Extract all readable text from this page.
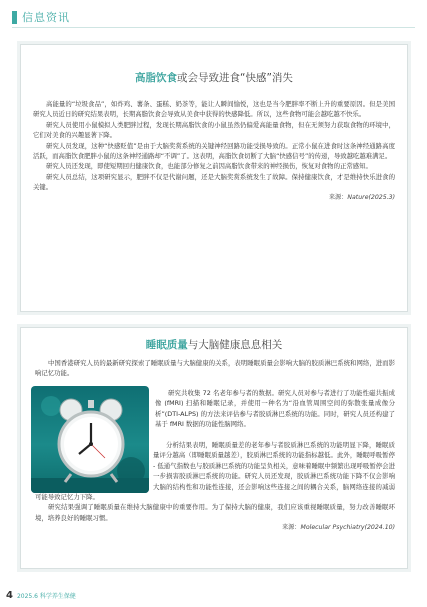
信息资讯
高脂饮食或会导致进食“快感”消失

高能量的“垃圾食品”，如炸鸡、薯条、蛋糕、奶茶等，能让人瞬间愉悦，这也是当今肥胖率不断上升的重要原因。但是美国研究人员近日的研究结果表明，长期高脂饮食会导致从美食中获得的快感降低。所以，这些食物可能会越吃越不快乐。

研究人员使用小鼠模拟人类肥胖过程，发现长期高脂饮食的小鼠虽然仍偏爱高能量食物，但在无须努力获取食物的环境中，它们对美食的兴趣显著下降。

研究人员发现，这种“快感贬值”是由于大脑奖赏系统的关键神经回路功能受损导致的。正常小鼠在进食时这条神经通路高度活跃，而高脂饮食肥胖小鼠的这条神经通路却“不调”了。这表明，高脂饮食切断了大脑“快感信号”的传递，导致越吃越难满足。

研究人员还发现，即使短期回归健康饮食，也能部分修复之前因高脂饮食带来的神经损伤，恢复对食物的正常感知。

研究人员总结，这项研究显示，肥胖不仅是代谢问题，还是大脑奖赏系统发生了故障。保持健康饮食，才是维持快乐进食的关键。

来源：Nature(2025.3)

睡眠质量与大脑健康息息相关

中国香港研究人员的最新研究探索了睡眠质量与大脑健康的关系，表明睡眠质量会影响大脑的胶质淋巴系统和网络，进而影响记忆功能。

研究共收集 72 名老年参与者的数据。研究人员对参与者进行了功能性磁共振成像 (fMRI) 扫描和睡眠记录，并使用一种名为“沿血管周围空间的弥散张量成像分析”(DTI-ALPS) 的方法来评估参与者胶质淋巴系统的功能。同时，研究人员还构建了基于 fMRI 数据的功能性脑网络。

分析结果表明，睡眠质量差的老年参与者胶质淋巴系统的功能明显下降，睡眠质量评分越高（即睡眠质量越差），胶质淋巴系统的功能指标越低。此外，睡眠呼吸暂停 - 低通气指数也与胶质淋巴系统的功能呈负相关，意味着睡眠中频繁出现呼吸暂停会进一步损害胶质淋巴系统的功能。研究人员还发现，胶质淋巴系统功能下降不仅会影响大脑的结构性和功能性连接，还会影响这些连接之间的耦合关系，脑网络连接的减弱可能导致记忆力下降。

研究结果强调了睡眠质量在维持大脑健康中的重要作用。为了保持大脑的健康，我们应该重视睡眠质量，努力改善睡眠环境，培养良好的睡眠习惯。

来源：Molecular Psychiatry(2024.10)

4 2025.6 科学养生保健
